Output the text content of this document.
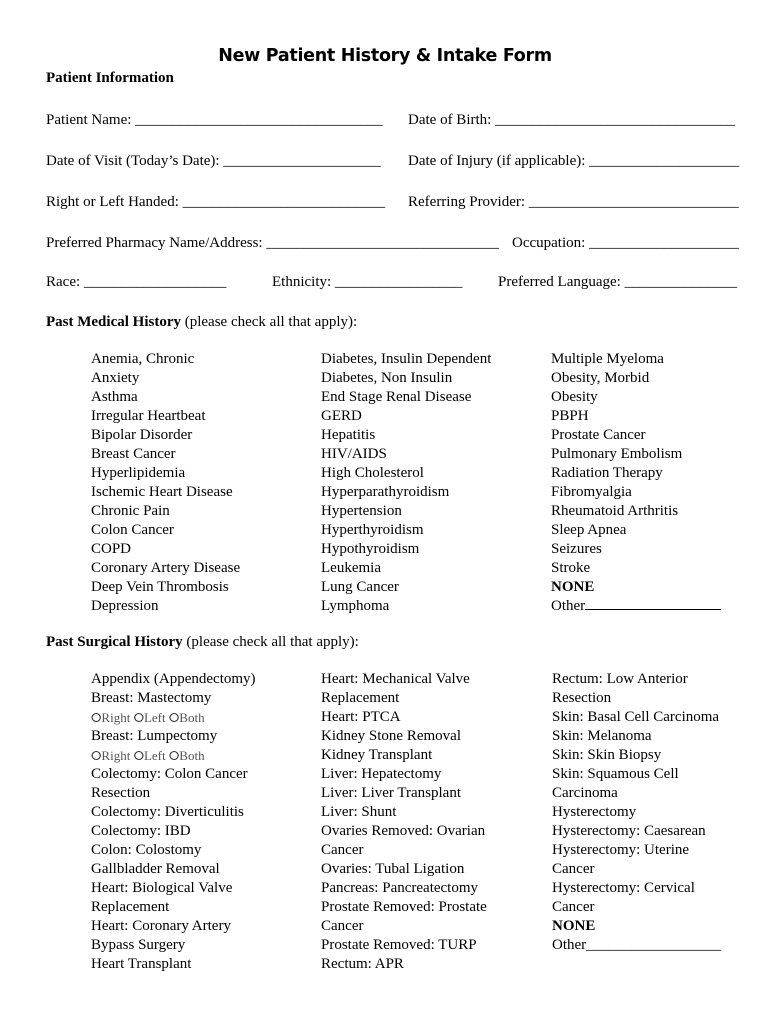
New Patient History & Intake Form
Patient Information
Patient Name: _________________________________ Date of Birth: ________________________________
Date of Visit (Today’s Date): _____________________ Date of Injury (if applicable): ____________________
Right or Left Handed: ___________________________ Referring Provider: ____________________________
Preferred Pharmacy Name/Address: _______________________________ Occupation: ____________________
Race: ___________________	Ethnicity: _________________ Preferred Language: _______________
Past Medical History (please check all that apply):
Anemia, Chronic
Anxiety
Asthma
Irregular Heartbeat
Bipolar Disorder
Breast Cancer
Hyperlipidemia
Ischemic Heart Disease
Chronic Pain
Colon Cancer
COPD
Coronary Artery Disease
Deep Vein Thrombosis
Depression
Diabetes, Insulin Dependent
Diabetes, Non Insulin
End Stage Renal Disease
GERD
Hepatitis
HIV/AIDS
High Cholesterol
Hyperparathyroidism
Hypertension
Hyperthyroidism
Hypothyroidism
Leukemia
Lung Cancer
Lymphoma
Multiple Myeloma
Obesity, Morbid
Obesity
PBPH
Prostate Cancer
Pulmonary Embolism
Radiation Therapy
Fibromyalgia
Rheumatoid Arthritis
Sleep Apnea
Seizures
Stroke
NONE
Other
Past Surgical History (please check all that apply):
Appendix (Appendectomy)
Breast: Mastectomy
⭘Right ⭘Left ⭘Both
Breast: Lumpectomy
⭘Right ⭘Left ⭘Both
Colectomy: Colon Cancer
Resection
Colectomy: Diverticulitis
Colectomy: IBD
Colon: Colostomy
Gallbladder Removal
Heart: Biological Valve
Replacement
Heart: Coronary Artery
Bypass Surgery
Heart Transplant
Heart: Mechanical Valve
Replacement
Heart: PTCA
Kidney Stone Removal
Kidney Transplant
Liver: Hepatectomy
Liver: Liver Transplant
Liver: Shunt
Ovaries Removed: Ovarian
Cancer
Ovaries: Tubal Ligation
Pancreas: Pancreatectomy
Prostate Removed: Prostate
Cancer
Prostate Removed: TURP
Rectum: APR
Rectum: Low Anterior
Resection
Skin: Basal Cell Carcinoma
Skin: Melanoma
Skin: Skin Biopsy
Skin: Squamous Cell
Carcinoma
Hysterectomy
Hysterectomy: Caesarean
Hysterectomy: Uterine
Cancer
Hysterectomy: Cervical
Cancer
NONE
Other__________________
